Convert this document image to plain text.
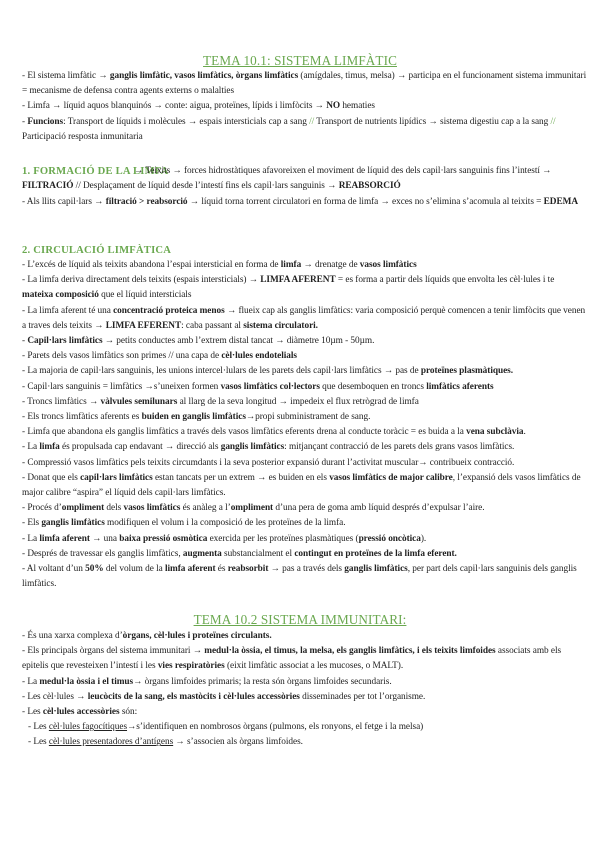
TEMA 10.1: SISTEMA LIMFÀTIC
- El sistema limfàtic → ganglis limfàtic, vasos limfàtics, òrgans limfàtics (amígdales, timus, melsa) → participa en el funcionament sistema immunitari = mecanisme de defensa contra agents externs o malalties
- Limfa → líquid aquos blanquinós → conte: aigua, proteïnes, lípids i limfòcits → NO hematies
- Funcions: Transport de líquids i molècules → espais intersticials cap a sang // Transport de nutrients lipídics → sistema digestiu cap a la sang // Participació resposta inmunitaria
1. FORMACIÓ DE LA LIMFA
→ Teixits → forces hidrostàtiques afavoreixen el moviment de líquid des dels capil·lars sanguinis fins l’intestí → FILTRACIÓ // Desplaçament de líquid desde l’intestí fins els capil·lars sanguinis → REABSORCIÓ
- Als llits capil·lars → filtració > reabsorció → líquid torna torrent circulatori en forma de limfa → exces no s’elimina s’acomula al teixits = EDEMA
2. CIRCULACIÓ LIMFÀTICA
- L’excés de líquid als teixits abandona l’espai intersticial en forma de limfa → drenatge de vasos limfàtics
- La limfa deriva directament dels teixits (espais intersticials) → LIMFA AFERENT = es forma a partir dels líquids que envolta les cèl·lules i te mateixa composició que el líquid intersticials
- La limfa aferent té una concentració proteica menos → flueix cap als ganglis limfàtics: varia composició perquè comencen a tenir limfòcits que venen a traves dels teixits → LIMFA EFERENT: caba passant al sistema circulatori.
- Capil·lars limfàtics → petits conductes amb l’extrem distal tancat → diàmetre 10µm - 50µm.
- Parets dels vasos limfàtics son primes // una capa de cèl·lules endotelials
- La majoria de capil·lars sanguinis, les unions intercel·lulars de les parets dels capil·lars limfàtics → pas de proteïnes plasmàtiques.
- Capil·lars sanguinis = limfàtics →s’uneixen formen vasos limfàtics col·lectors que desemboquen en troncs limfàtics aferents
- Troncs limfàtics → vàlvules semilunars al llarg de la seva longitud → impedeix el flux retrògrad de limfa
- Els troncs limfàtics aferents es buiden en ganglis limfàtics→propi subministrament de sang.
- Limfa que abandona els ganglis limfàtics a través dels vasos limfàtics eferents drena al conducte toràcic = es buida a la vena subclàvia.
- La limfa és propulsada cap endavant → direcció als ganglis limfàtics: mitjançant contracció de les parets dels grans vasos limfàtics.
- Compressió vasos limfàtics pels teixits circumdants i la seva posterior expansió durant l’activitat muscular→ contribueix contracció.
- Donat que els capil·lars limfàtics estan tancats per un extrem → es buiden en els vasos limfàtics de major calibre, l’expansió dels vasos limfàtics de major calibre “aspira” el líquid dels capil·lars limfàtics.
- Procés d’ompliment dels vasos limfàtics és anàleg a l’ompliment d’una pera de goma amb líquid després d’expulsar l’aire.
- Els ganglis limfàtics modifiquen el volum i la composició de les proteïnes de la limfa.
- La limfa aferent → una baixa pressió osmòtica exercida per les proteïnes plasmàtiques (pressió oncòtica).
- Després de travessar els ganglis limfàtics, augmenta substancialment el contingut en proteïnes de la limfa eferent.
- Al voltant d’un 50% del volum de la limfa aferent és reabsorbit → pas a través dels ganglis limfàtics, per part dels capil·lars sanguinis dels ganglis limfàtics.
TEMA 10.2 SISTEMA IMMUNITARI:
- És una xarxa complexa d’òrgans, cèl·lules i proteïnes circulants.
- Els principals òrgans del sistema immunitari → medul·la òssia, el timus, la melsa, els ganglis limfàtics, i els teixits limfoides associats amb els epitelis que revesteixen l’intestí i les vies respiratòries (eixit limfàtic associat a les mucoses, o MALT).
- La medul·la òssia i el timus→ òrgans limfoides primaris; la resta són òrgans limfoides secundaris.
- Les cèl·lules → leucòcits de la sang, els mastòcits i cèl·lules accessòries disseminades per tot l’organisme.
- Les cèl·lules accessòries són:
- Les cèl·lules fagocítiques→s’identifiquen en nombrosos òrgans (pulmons, els ronyons, el fetge i la melsa)
- Les cèl·lules presentadores d’antígens → s’associen als òrgans limfoides.
